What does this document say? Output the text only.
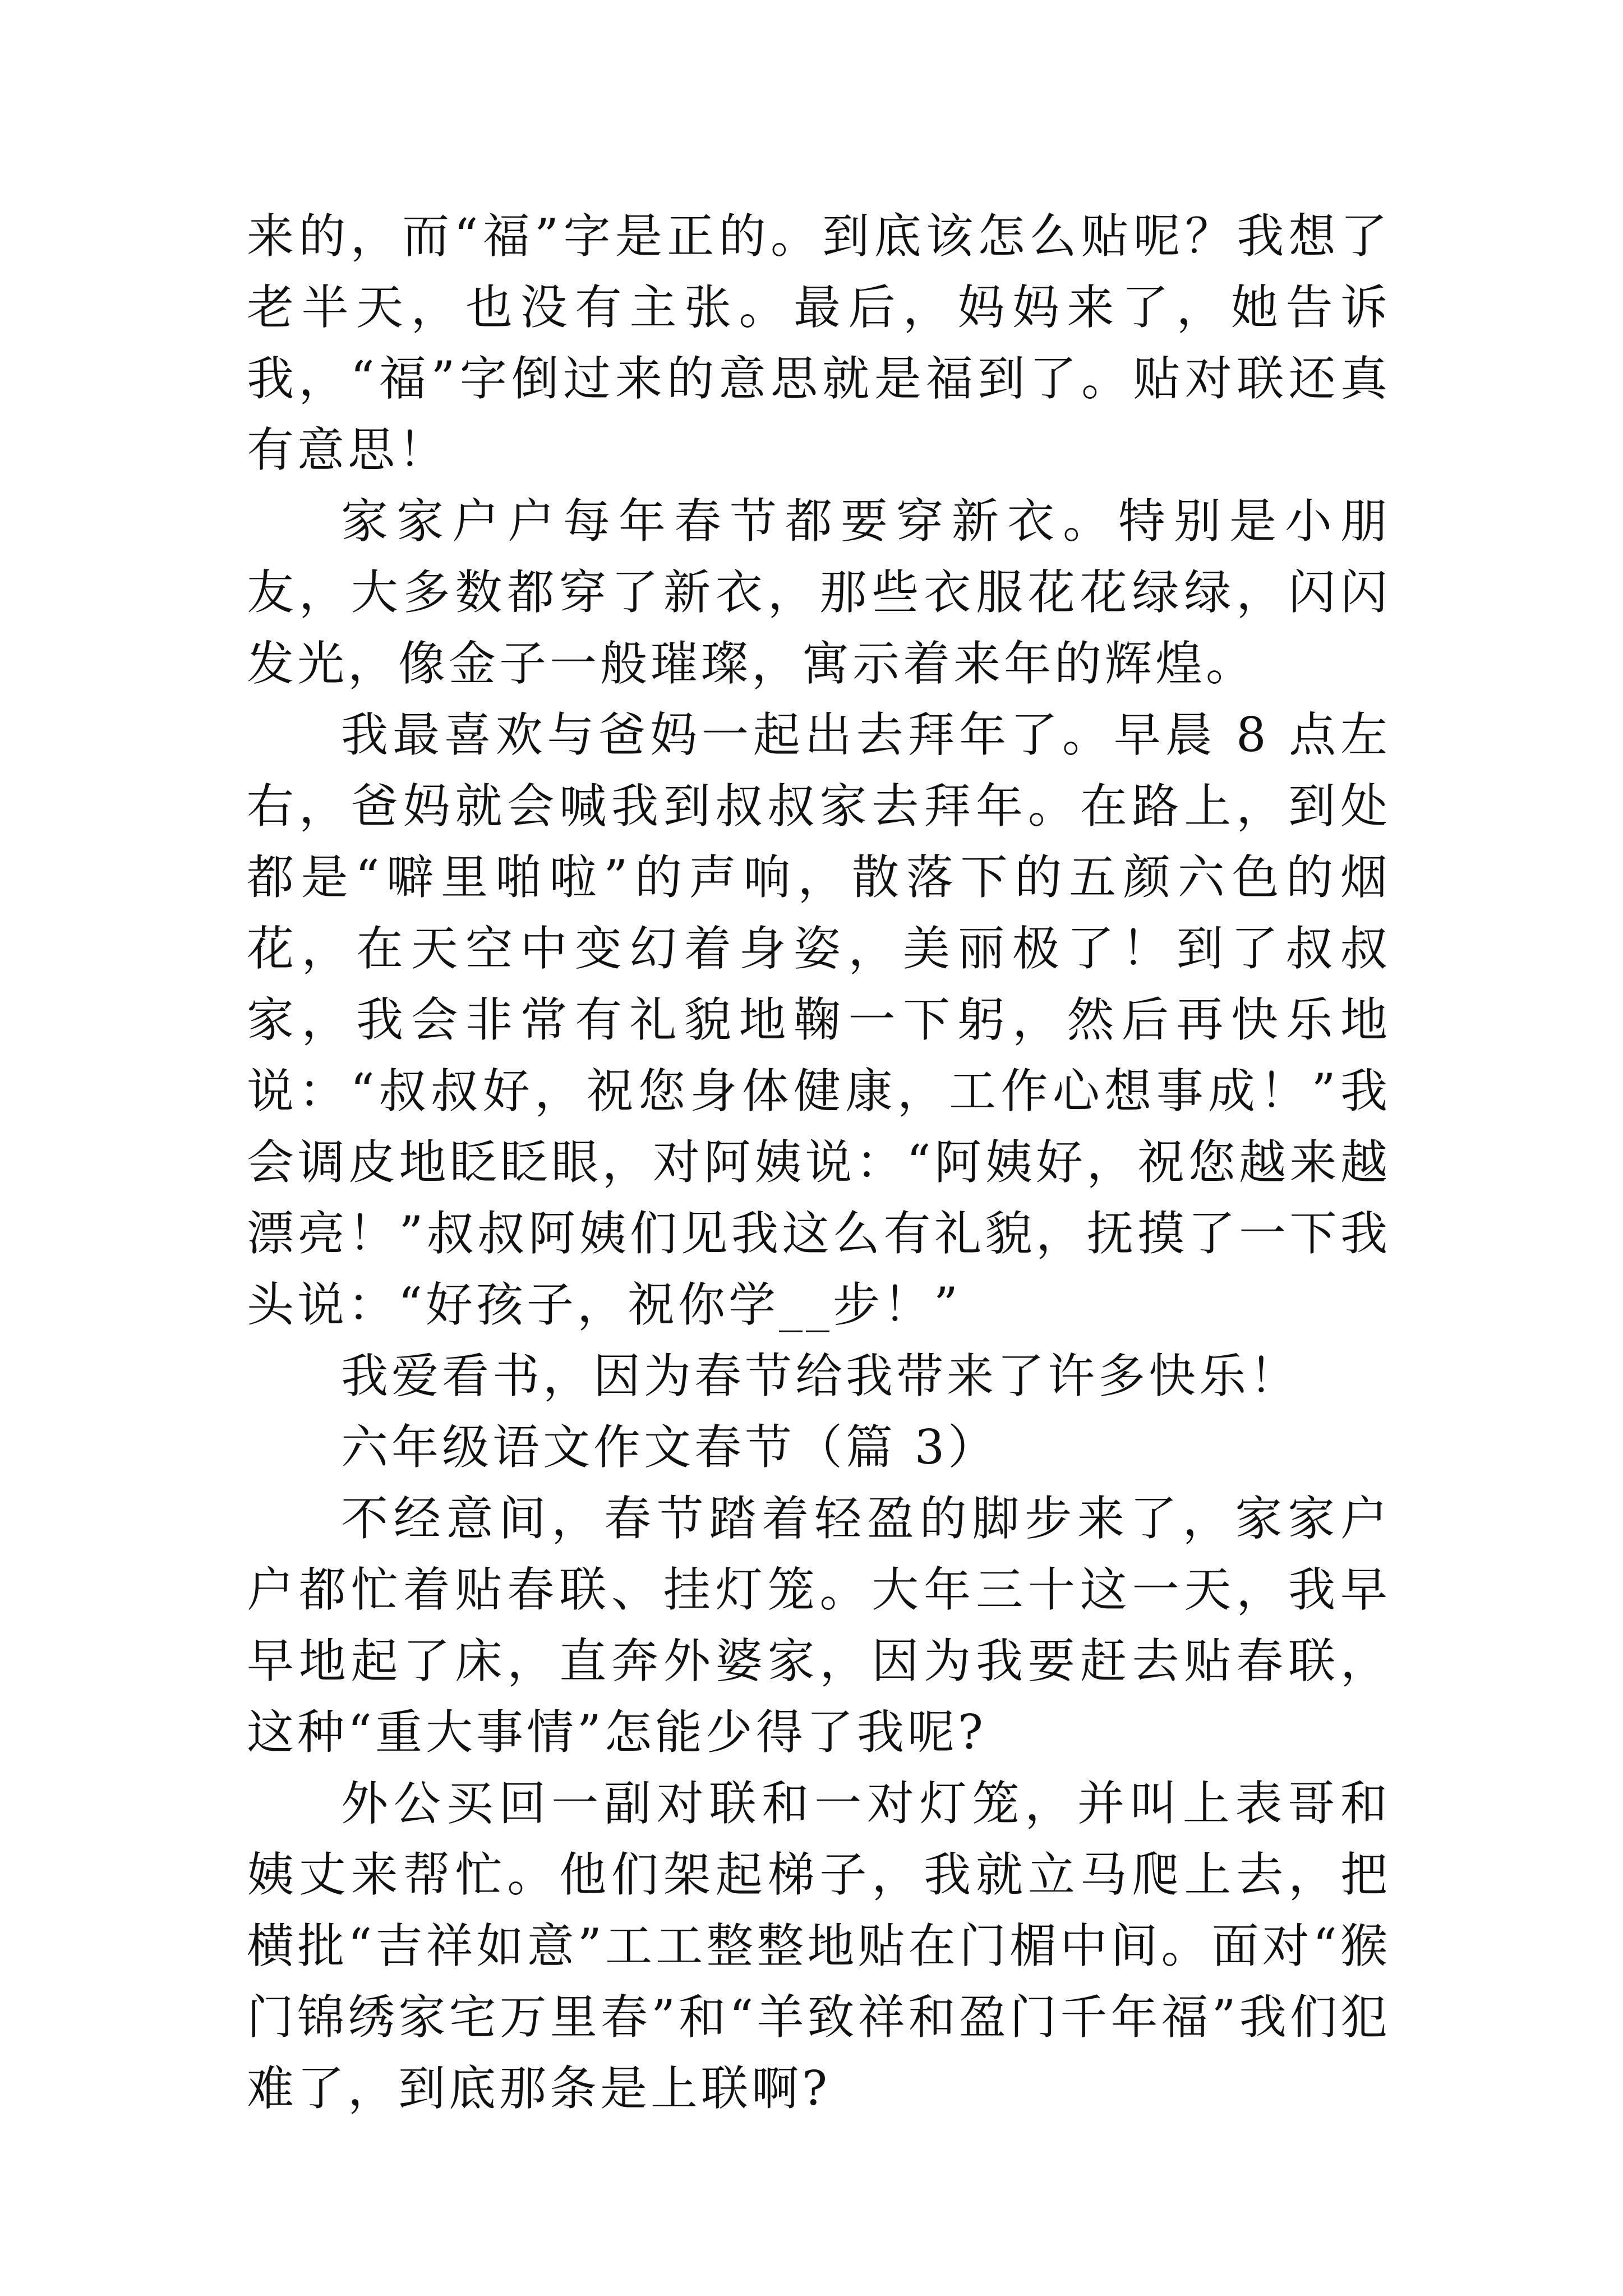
来的，而“福”字是正的。到底该怎么贴呢？我想了老半天，也没有主张。最后，妈妈来了，她告诉我，“福”字倒过来的意思就是福到了。贴对联还真有意思！

家家户户每年春节都要穿新衣。特别是小朋友，大多数都穿了新衣，那些衣服花花绿绿，闪闪发光，像金子一般璀璨，寓示着来年的辉煌。

我最喜欢与爸妈一起出去拜年了。早晨 8 点左右，爸妈就会喊我到叔叔家去拜年。在路上，到处都是“噼里啪啦”的声响，散落下的五颜六色的烟花，在天空中变幻着身姿，美丽极了！到了叔叔家，我会非常有礼貌地鞠一下躬，然后再快乐地说：“叔叔好，祝您身体健康，工作心想事成！”我会调皮地眨眨眼，对阿姨说：“阿姨好，祝您越来越漂亮！”叔叔阿姨们见我这么有礼貌，抚摸了一下我头说：“好孩子，祝你学__步！”

我爱看书，因为春节给我带来了许多快乐！

六年级语文作文春节（篇 3）

不经意间，春节踏着轻盈的脚步来了，家家户户都忙着贴春联、挂灯笼。大年三十这一天，我早早地起了床，直奔外婆家，因为我要赶去贴春联，这种“重大事情”怎能少得了我呢?

外公买回一副对联和一对灯笼，并叫上表哥和姨丈来帮忙。他们架起梯子，我就立马爬上去，把横批“吉祥如意”工工整整地贴在门楣中间。面对“猴门锦绣家宅万里春”和“羊致祥和盈门千年福”我们犯难了，到底那条是上联啊?
